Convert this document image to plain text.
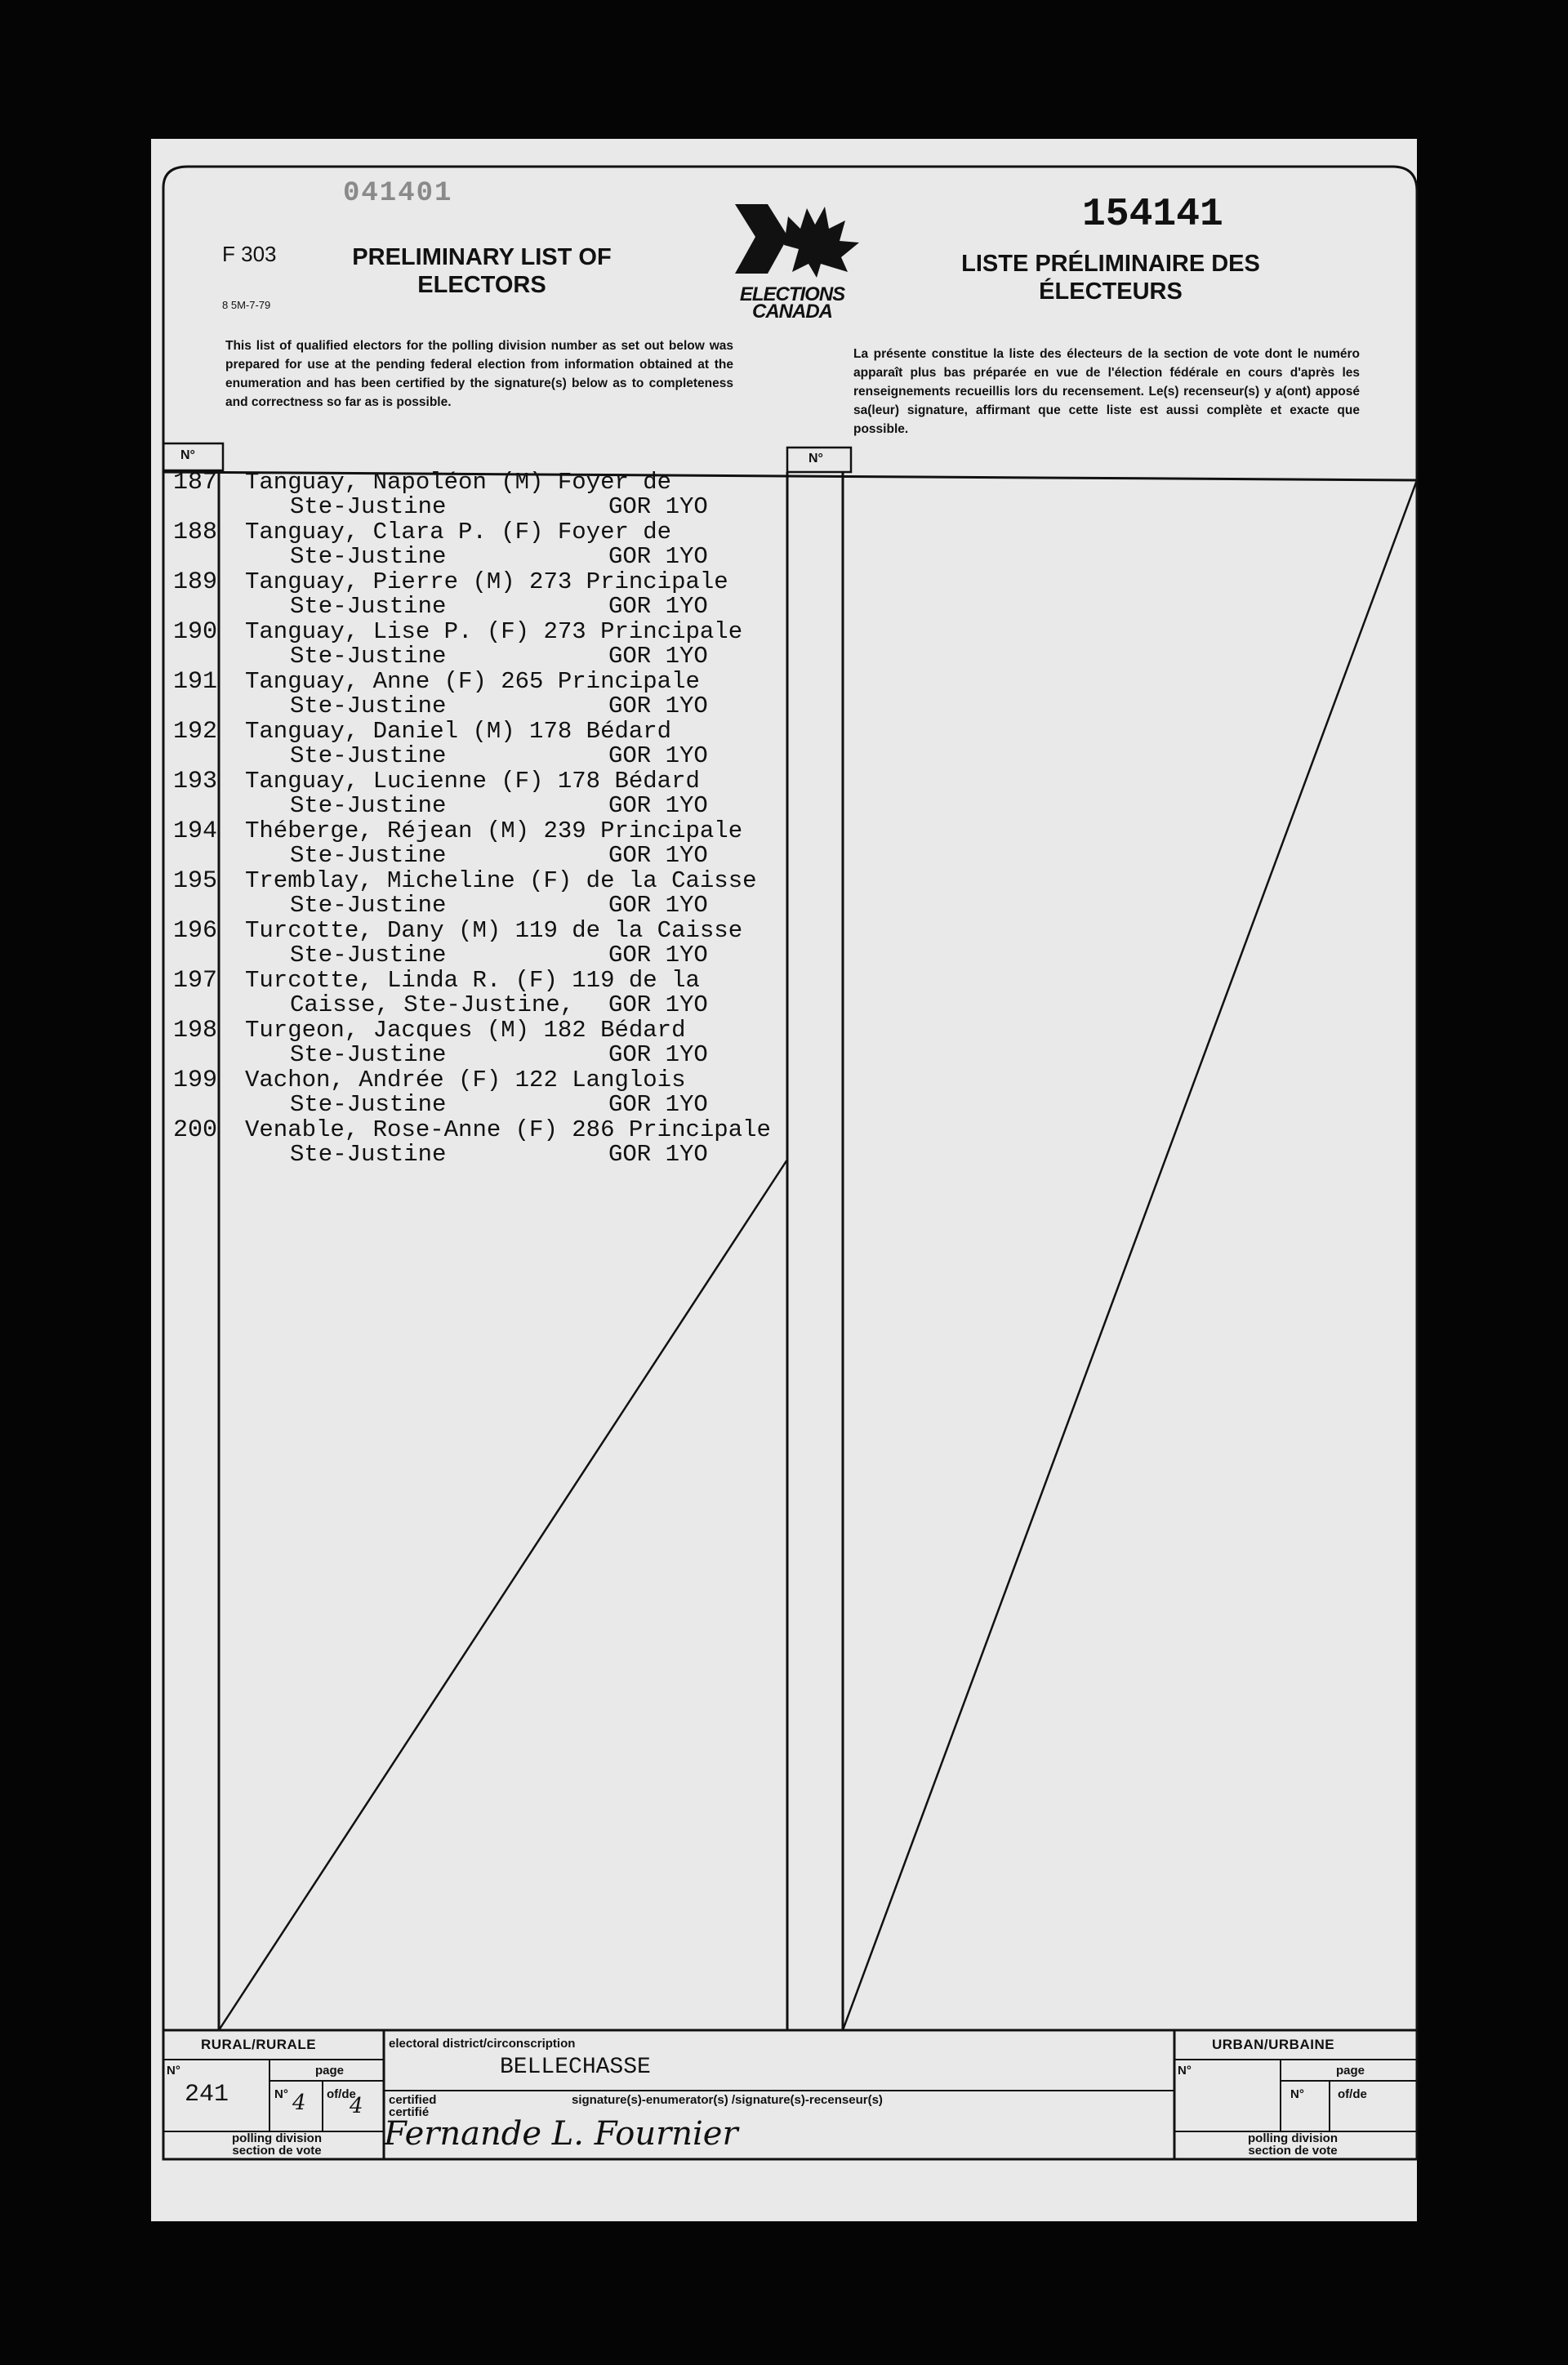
041401	154141
F 303
8 5M-7-79
PRELIMINARY LIST OF
ELECTORS	ELECTIONS
CANADA
LISTE PRÉLIMINAIRE DES
ÉLECTEURS
This list of qualified electors for the polling division number as set out below was prepared for use at the pending federal election from information obtained at the enumeration and has been certified by the signature(s) below as to completeness and correctness so far as is possible.
La présente constitue la liste des électeurs de la section de vote dont le numéro apparaît plus bas préparée en vue de l'élection fédérale en cours d'après les renseignements recueillis lors du recensement. Le(s) recenseur(s) y a(ont) apposé sa(leur) signature, affirmant que cette liste est aussi complète et exacte que possible.
N°	N°
187 Tanguay, Napoléon (M) Foyer de
Ste-Justine	GOR 1YO
188 Tanguay, Clara P. (F) Foyer de
Ste-Justine	GOR 1YO
189 Tanguay, Pierre (M) 273 Principale
Ste-Justine	GOR 1YO
190 Tanguay, Lise P. (F) 273 Principale
Ste-Justine	GOR 1YO
191 Tanguay, Anne (F) 265 Principale
Ste-Justine	GOR 1YO
192 Tanguay, Daniel (M) 178 Bédard
Ste-Justine	GOR 1YO
193 Tanguay, Lucienne (F) 178 Bédard
Ste-Justine	GOR 1YO
194 Théberge, Réjean (M) 239 Principale
Ste-Justine	GOR 1YO
195 Tremblay, Micheline (F) de la Caisse
Ste-Justine	GOR 1YO
196 Turcotte, Dany (M) 119 de la Caisse
Ste-Justine	GOR 1YO
197 Turcotte, Linda R. (F) 119 de la
Caisse, Ste-Justine, GOR 1YO
198 Turgeon, Jacques (M) 182 Bédard
Ste-Justine	GOR 1YO
199 Vachon, Andrée (F) 122 Langlois
Ste-Justine	GOR 1YO
200 Venable, Rose-Anne (F) 286 Principale
Ste-Justine	GOR 1YO
RURAL/RURALE	URBAN/URBAINE
electoral district/circonscription
BELLECHASSE
N°	N°
page	page
N°	of/de	N°	of/de
241	4 4
polling division
section de vote
polling division
section de vote
certified
certifié
signature(s)-enumerator(s) /signature(s)-recenseur(s)
Fernande L. Fournier
